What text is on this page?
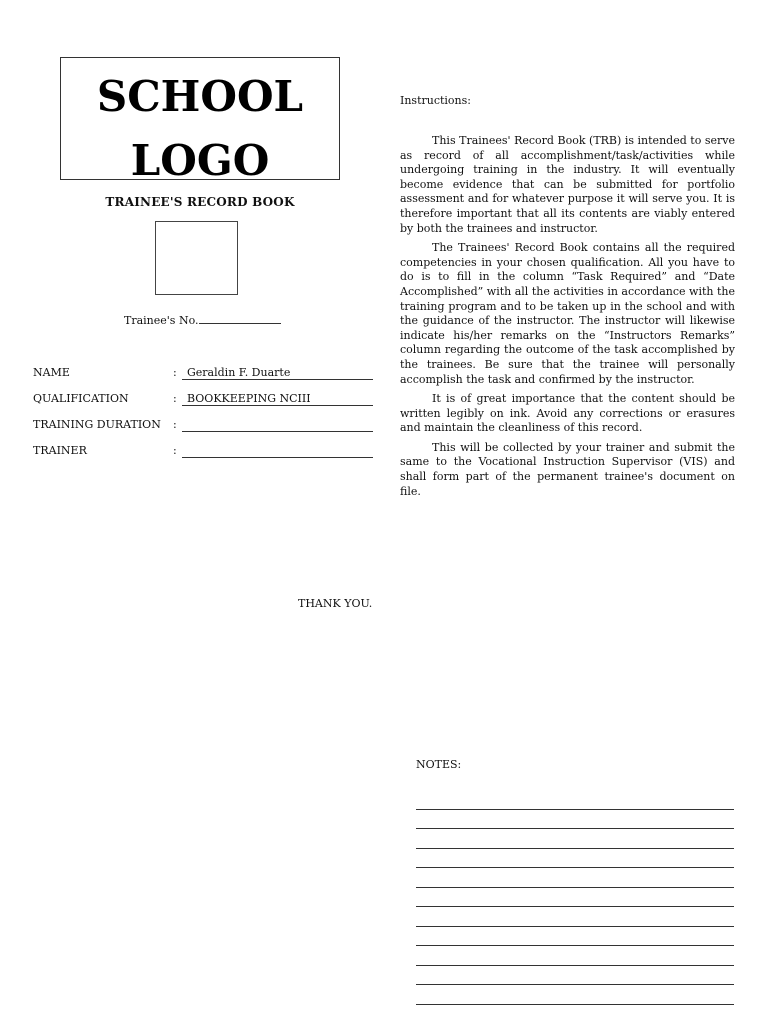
SCHOOL
LOGO
TRAINEE'S RECORD BOOK
Trainee's No.
NAME	: Geraldin F. Duarte
QUALIFICATION	: BOOKKEEPING NCIII
TRAINING DURATION :
TRAINER	:
THANK YOU.
Instructions:

This Trainees' Record Book (TRB) is intended to serve as record of all accomplishment/task/activities while undergoing training in the industry. It will eventually become evidence that can be submitted for portfolio assessment and for whatever purpose it will serve you. It is therefore important that all its contents are viably entered by both the trainees and instructor.

The Trainees' Record Book contains all the required competencies in your chosen qualification. All you have to do is to fill in the column “Task Required” and “Date Accomplished” with all the activities in accordance with the training program and to be taken up in the school and with the guidance of the instructor. The instructor will likewise indicate his/her remarks on the “Instructors Remarks” column regarding the outcome of the task accomplished by the trainees. Be sure that the trainee will personally accomplish the task and confirmed by the instructor.

It is of great importance that the content should be written legibly on ink. Avoid any corrections or erasures and maintain the cleanliness of this record.

This will be collected by your trainer and submit the same to the Vocational Instruction Supervisor (VIS) and shall form part of the permanent trainee's document on file.

NOTES:
